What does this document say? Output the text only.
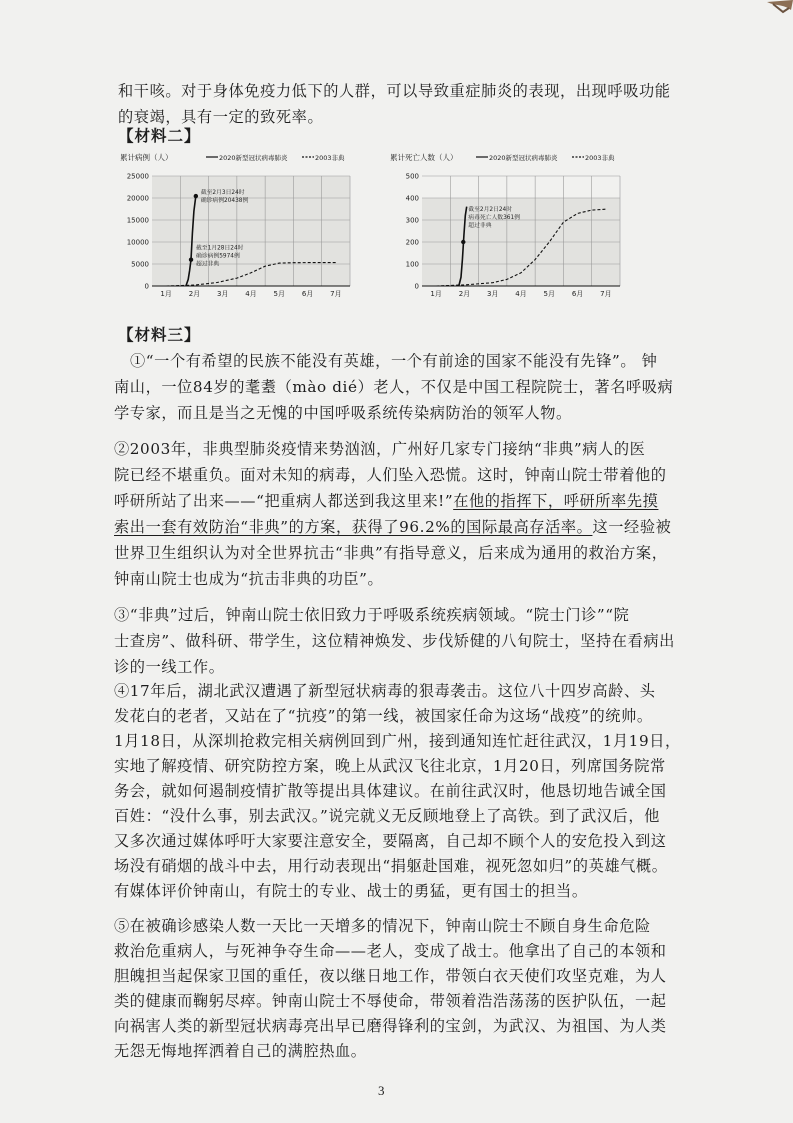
和干咳。对于身体免疫力低下的人群，可以导致重症肺炎的表现，出现呼吸功能
的衰竭，具有一定的致死率。
【材料二】
累计病例（人）	2020新型冠状病毒肺炎	2003非典
0
5000
10000
15000
20000
25000
1月 2月 3月 4月 5月 6月 7月
截至2月3日24时
确诊病例20438例
截至1月28日24时
确诊病例5974例
超过非典
累计死亡人数（人）	2020新型冠状病毒肺炎	2003非典
0
100
200
300
400
500
1月 2月 3月 4月 5月 6月 7月
截至2月2日24时
病毒死亡人数361例
超过非典
【材料三】
①“一个有希望的民族不能没有英雄，一个有前途的国家不能没有先锋”。 钟
南山，一位84岁的耄耋（mào dié）老人，不仅是中国工程院院士，著名呼吸病
学专家，而且是当之无愧的中国呼吸系统传染病防治的领军人物。
②2003年，非典型肺炎疫情来势汹汹，广州好几家专门接纳“非典”病人的医
院已经不堪重负。面对未知的病毒，人们坠入恐慌。这时，钟南山院士带着他的
呼研所站了出来——“把重病人都送到我这里来!”在他的指挥下，呼研所率先摸
索出一套有效防治“非典”的方案，获得了96.2%的国际最高存活率。这一经验被
世界卫生组织认为对全世界抗击“非典”有指导意义，后来成为通用的救治方案，
钟南山院士也成为“抗击非典的功臣”。
③“非典”过后，钟南山院士依旧致力于呼吸系统疾病领域。“院士门诊”“院
士查房”、做科研、带学生，这位精神焕发、步伐矫健的八旬院士，坚持在看病出
诊的一线工作。
④17年后，湖北武汉遭遇了新型冠状病毒的狠毒袭击。这位八十四岁高龄、头
发花白的老者，又站在了“抗疫”的第一线，被国家任命为这场“战疫”的统帅。
1月18日，从深圳抢救完相关病例回到广州，接到通知连忙赶往武汉，1月19日，
实地了解疫情、研究防控方案，晚上从武汉飞往北京，1月20日，列席国务院常
务会，就如何遏制疫情扩散等提出具体建议。在前往武汉时，他恳切地告诫全国
百姓：“没什么事，别去武汉。”说完就义无反顾地登上了高铁。到了武汉后，他
又多次通过媒体呼吁大家要注意安全，要隔离，自己却不顾个人的安危投入到这
场没有硝烟的战斗中去，用行动表现出“捐躯赴国难，视死忽如归”的英雄气概。
有媒体评价钟南山，有院士的专业、战士的勇猛，更有国士的担当。
⑤在被确诊感染人数一天比一天增多的情况下，钟南山院士不顾自身生命危险
救治危重病人，与死神争夺生命——老人，变成了战士。他拿出了自己的本领和
胆魄担当起保家卫国的重任，夜以继日地工作，带领白衣天使们攻坚克难，为人
类的健康而鞠躬尽瘁。钟南山院士不辱使命，带领着浩浩荡荡的医护队伍，一起
向祸害人类的新型冠状病毒亮出早已磨得锋利的宝剑，为武汉、为祖国、为人类
无怨无悔地挥洒着自己的满腔热血。
3
